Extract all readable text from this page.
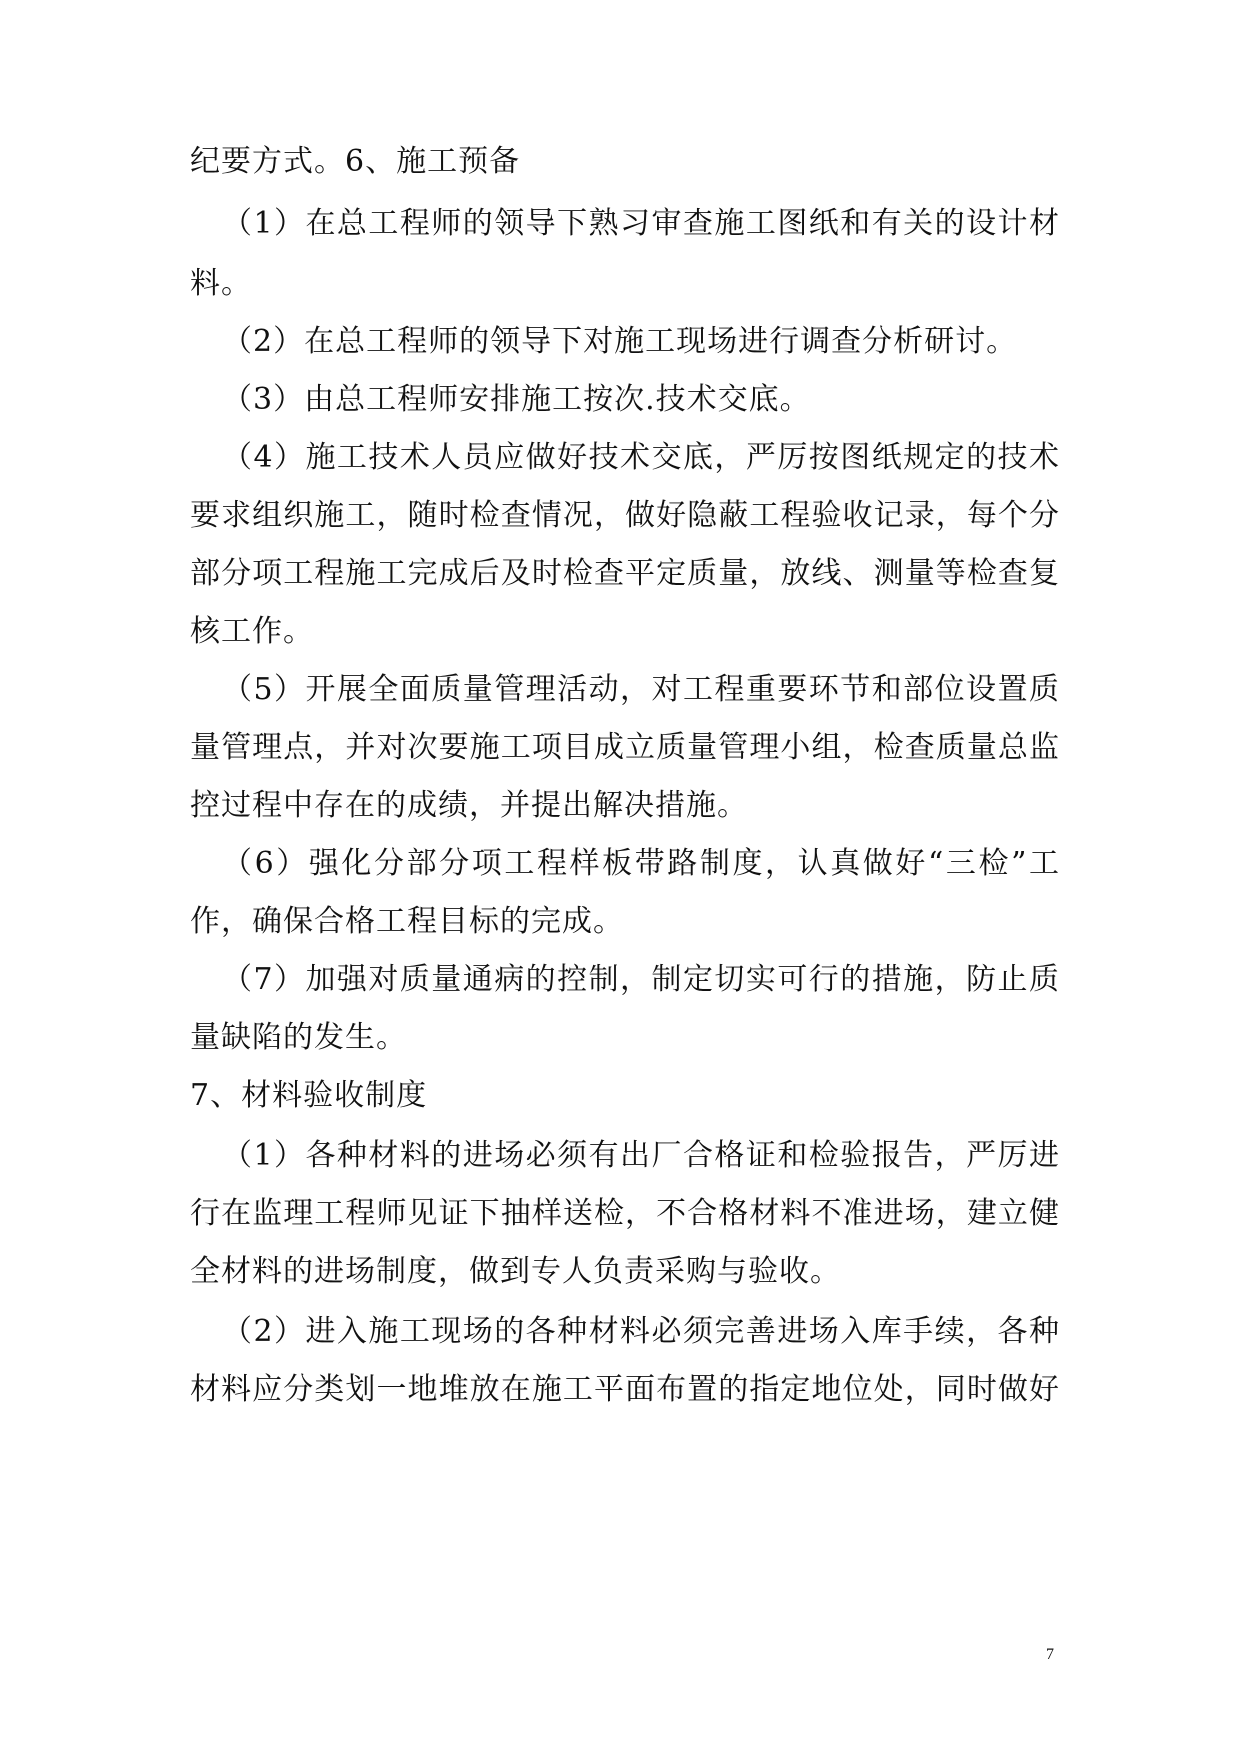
纪要方式。6、施工预备
（1）在总工程师的领导下熟习审查施工图纸和有关的设计材
料。
（2）在总工程师的领导下对施工现场进行调查分析研讨。
（3）由总工程师安排施工按次.技术交底。
（4）施工技术人员应做好技术交底，严厉按图纸规定的技术
要求组织施工，随时检查情况，做好隐蔽工程验收记录，每个分
部分项工程施工完成后及时检查平定质量，放线、测量等检查复
核工作。
（5）开展全面质量管理活动，对工程重要环节和部位设置质
量管理点，并对次要施工项目成立质量管理小组，检查质量总监
控过程中存在的成绩，并提出解决措施。
（6）强化分部分项工程样板带路制度，认真做好“三检”工
作，确保合格工程目标的完成。
（7）加强对质量通病的控制，制定切实可行的措施，防止质
量缺陷的发生。
7、材料验收制度
（1）各种材料的进场必须有出厂合格证和检验报告，严厉进
行在监理工程师见证下抽样送检，不合格材料不准进场，建立健
全材料的进场制度，做到专人负责采购与验收。
（2）进入施工现场的各种材料必须完善进场入库手续，各种
材料应分类划一地堆放在施工平面布置的指定地位处，同时做好
7
